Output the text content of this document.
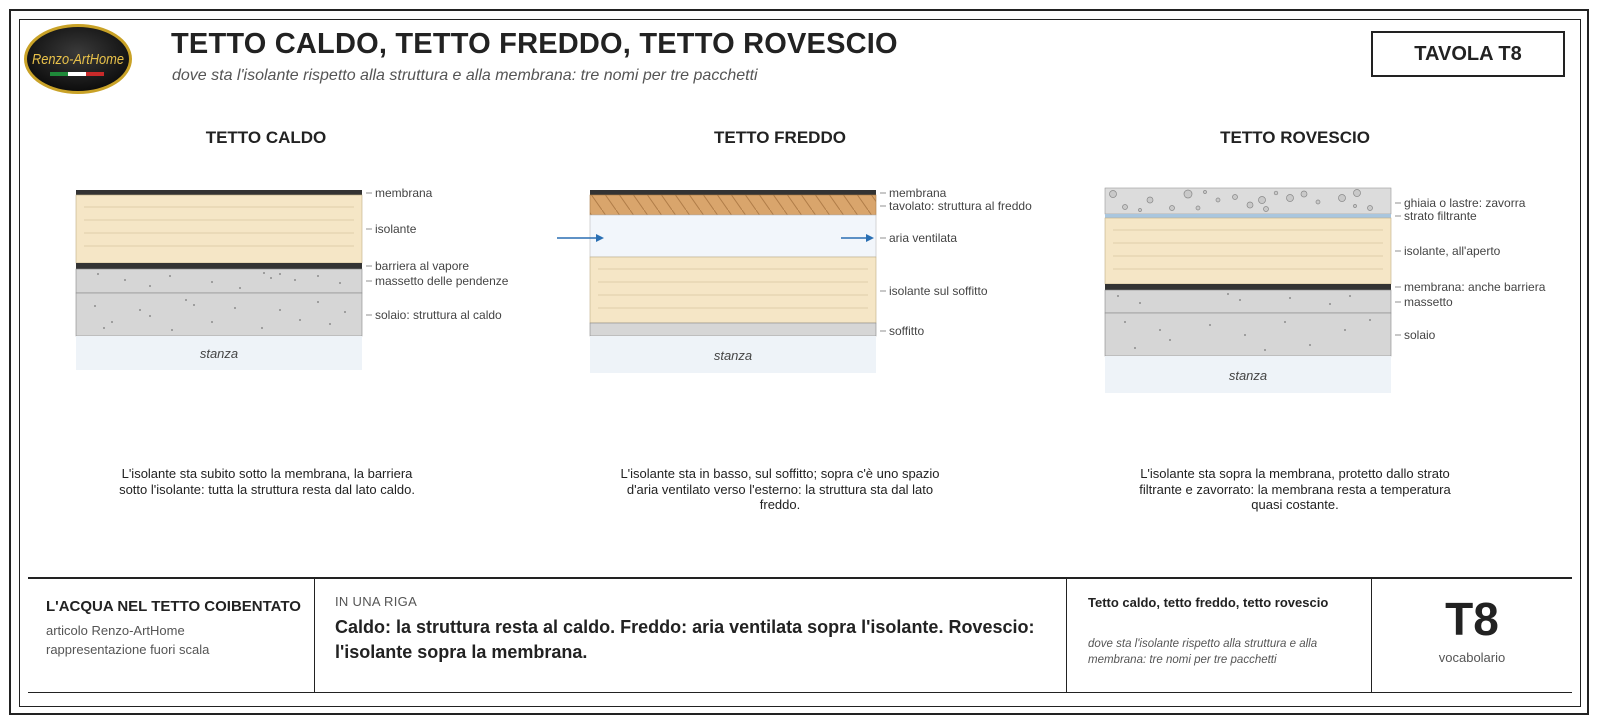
Renzo-ArtHome TETTO CALDO, TETTO FREDDO, TETTO ROVESCIO
dove sta l'isolante rispetto alla struttura e alla membrana: tre nomi per tre pacchetti
TAVOLA T8
TETTO CALDO	TETTO FREDDO	TETTO ROVESCIO
stanza
membrana
isolante
barriera al vapore
massetto delle pendenze
solaio: struttura al caldo
stanza
membrana
tavolato: struttura al freddo
aria ventilata
isolante sul soffitto
soffitto
stanza
ghiaia o lastre: zavorra
strato filtrante
isolante, all'aperto
membrana: anche barriera
massetto
solaio
L'isolante sta subito sotto la membrana, la barriera sotto l'isolante: tutta la struttura resta dal lato caldo.
L'isolante sta in basso, sul soffitto; sopra c'è uno spazio d'aria ventilato verso l'esterno: la struttura sta dal lato freddo.
L'isolante sta sopra la membrana, protetto dallo strato filtrante e zavorrato: la membrana resta a temperatura quasi costante.
L'ACQUA NEL TETTO COIBENTATO
articolo Renzo-ArtHome
rappresentazione fuori scala
IN UNA RIGA
Caldo: la struttura resta al caldo. Freddo: aria ventilata sopra l'isolante. Rovescio: l'isolante sopra la membrana.
Tetto caldo, tetto freddo, tetto rovescio
dove sta l'isolante rispetto alla struttura e alla membrana: tre nomi per tre pacchetti
T8
vocabolario
